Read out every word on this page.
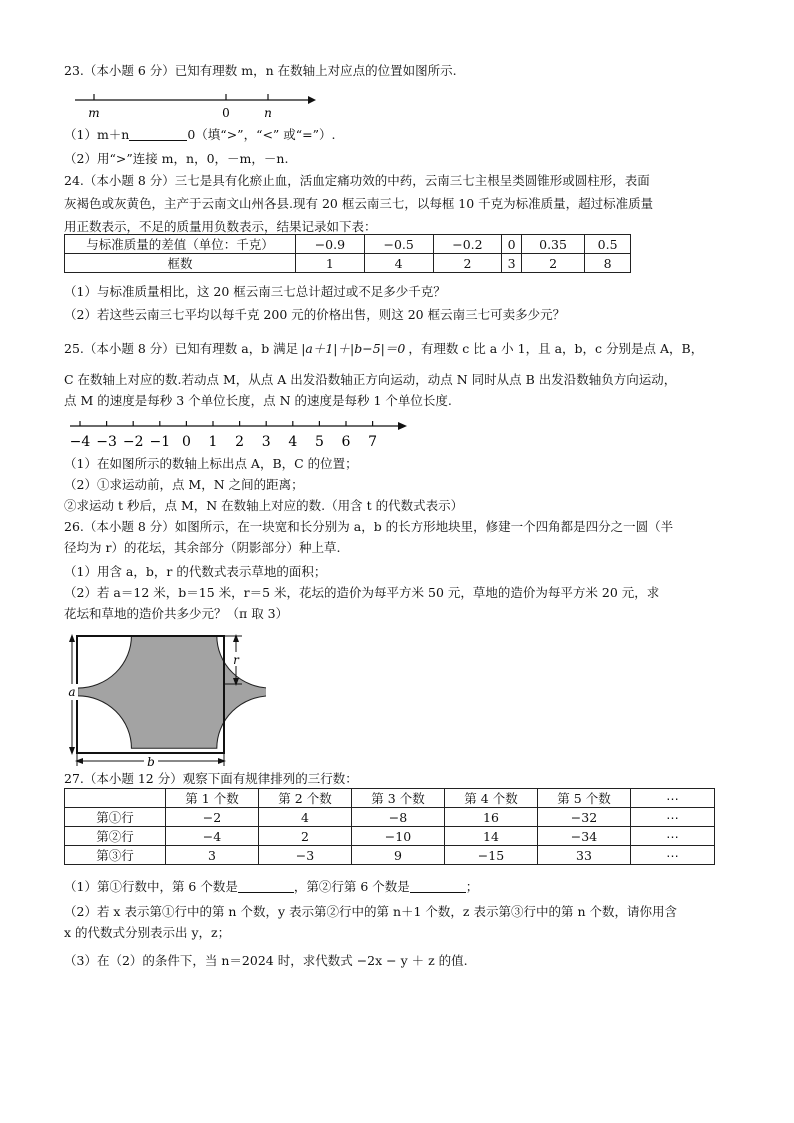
23.（本小题 6 分）已知有理数 m，n 在数轴上对应点的位置如图所示.
m	0	n
（1）m＋n	0（填“>”，“<” 或“=”）.
（2）用“>”连接 m，n，0，－m，－n.
24.（本小题 8 分）三七是具有化瘀止血，活血定痛功效的中药，云南三七主根呈类圆锥形或圆柱形，表面
灰褐色或灰黄色，主产于云南文山州各县.现有 20 框云南三七，以每框 10 千克为标准质量，超过标准质量
用正数表示，不足的质量用负数表示，结果记录如下表：
与标准质量的差值（单位：千克）	−0.9	−0.5	−0.2	0	0.35	0.5
框数	1	4	2	3	2	8
（1）与标准质量相比，这 20 框云南三七总计超过或不足多少千克？
（2）若这些云南三七平均以每千克 200 元的价格出售，则这 20 框云南三七可卖多少元？
25.（本小题 8 分）已知有理数 a，b 满足 |a＋1|＋|b−5|＝0 ，有理数 c 比 a 小 1，且 a，b，c 分别是点 A，B，
C 在数轴上对应的数.若动点 M，从点 A 出发沿数轴正方向运动，动点 N 同时从点 B 出发沿数轴负方向运动，
点 M 的速度是每秒 3 个单位长度，点 N 的速度是每秒 1 个单位长度.
−4 −3 −2 −1 0 1 2 3 4 5 6 7
（1）在如图所示的数轴上标出点 A，B，C 的位置；
（2）①求运动前，点 M，N 之间的距离；
②求运动 t 秒后，点 M，N 在数轴上对应的数.（用含 t 的代数式表示）
26.（本小题 8 分）如图所示，在一块宽和长分别为 a，b 的长方形地块里，修建一个四角都是四分之一圆（半
径均为 r）的花坛，其余部分（阴影部分）种上草.
（1）用含 a，b，r 的代数式表示草地的面积；
（2）若 a＝12 米，b＝15 米，r＝5 米，花坛的造价为每平方米 50 元，草地的造价为每平方米 20 元，求
花坛和草地的造价共多少元？（π 取 3）
a
b
r
27.（本小题 12 分）观察下面有规律排列的三行数：
	第 1 个数	第 2 个数	第 3 个数	第 4 个数	第 5 个数	⋯
第①行	−2	4	−8	16	−32	⋯
第②行	−4	2	−10	14	−34	⋯
第③行	3	−3	9	−15	33	⋯
（1）第①行数中，第 6 个数是	，第②行第 6 个数是	；
（2）若 x 表示第①行中的第 n 个数，y 表示第②行中的第 n＋1 个数，z 表示第③行中的第 n 个数，请你用含
x 的代数式分别表示出 y，z；
（3）在（2）的条件下，当 n＝2024 时，求代数式 −2x − y ＋ z 的值.
